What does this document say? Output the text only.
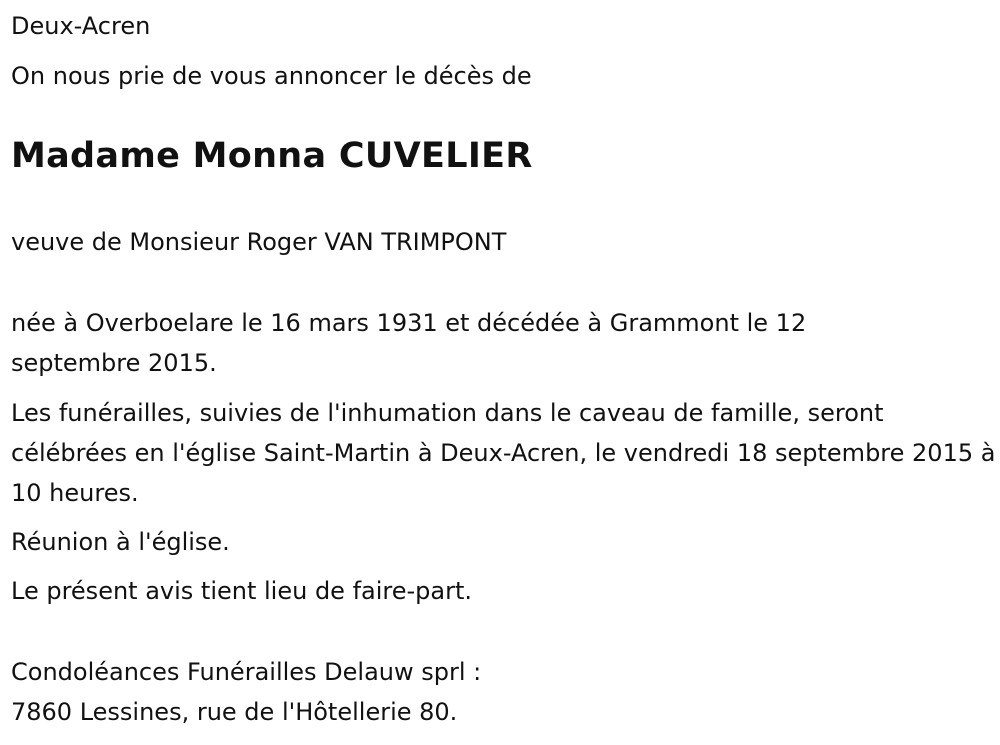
Deux-Acren

On nous prie de vous annoncer le décès de

Madame Monna CUVELIER

veuve de Monsieur Roger VAN TRIMPONT

née à Overboelare le 16 mars 1931 et décédée à Grammont le 12 septembre 2015.

Les funérailles, suivies de l'inhumation dans le caveau de famille, seront célébrées en l'église Saint-Martin à Deux-Acren, le vendredi 18 septembre 2015 à 10 heures.

Réunion à l'église.

Le présent avis tient lieu de faire-part.

Condoléances Funérailles Delauw sprl :

7860 Lessines, rue de l'Hôtellerie 80.
